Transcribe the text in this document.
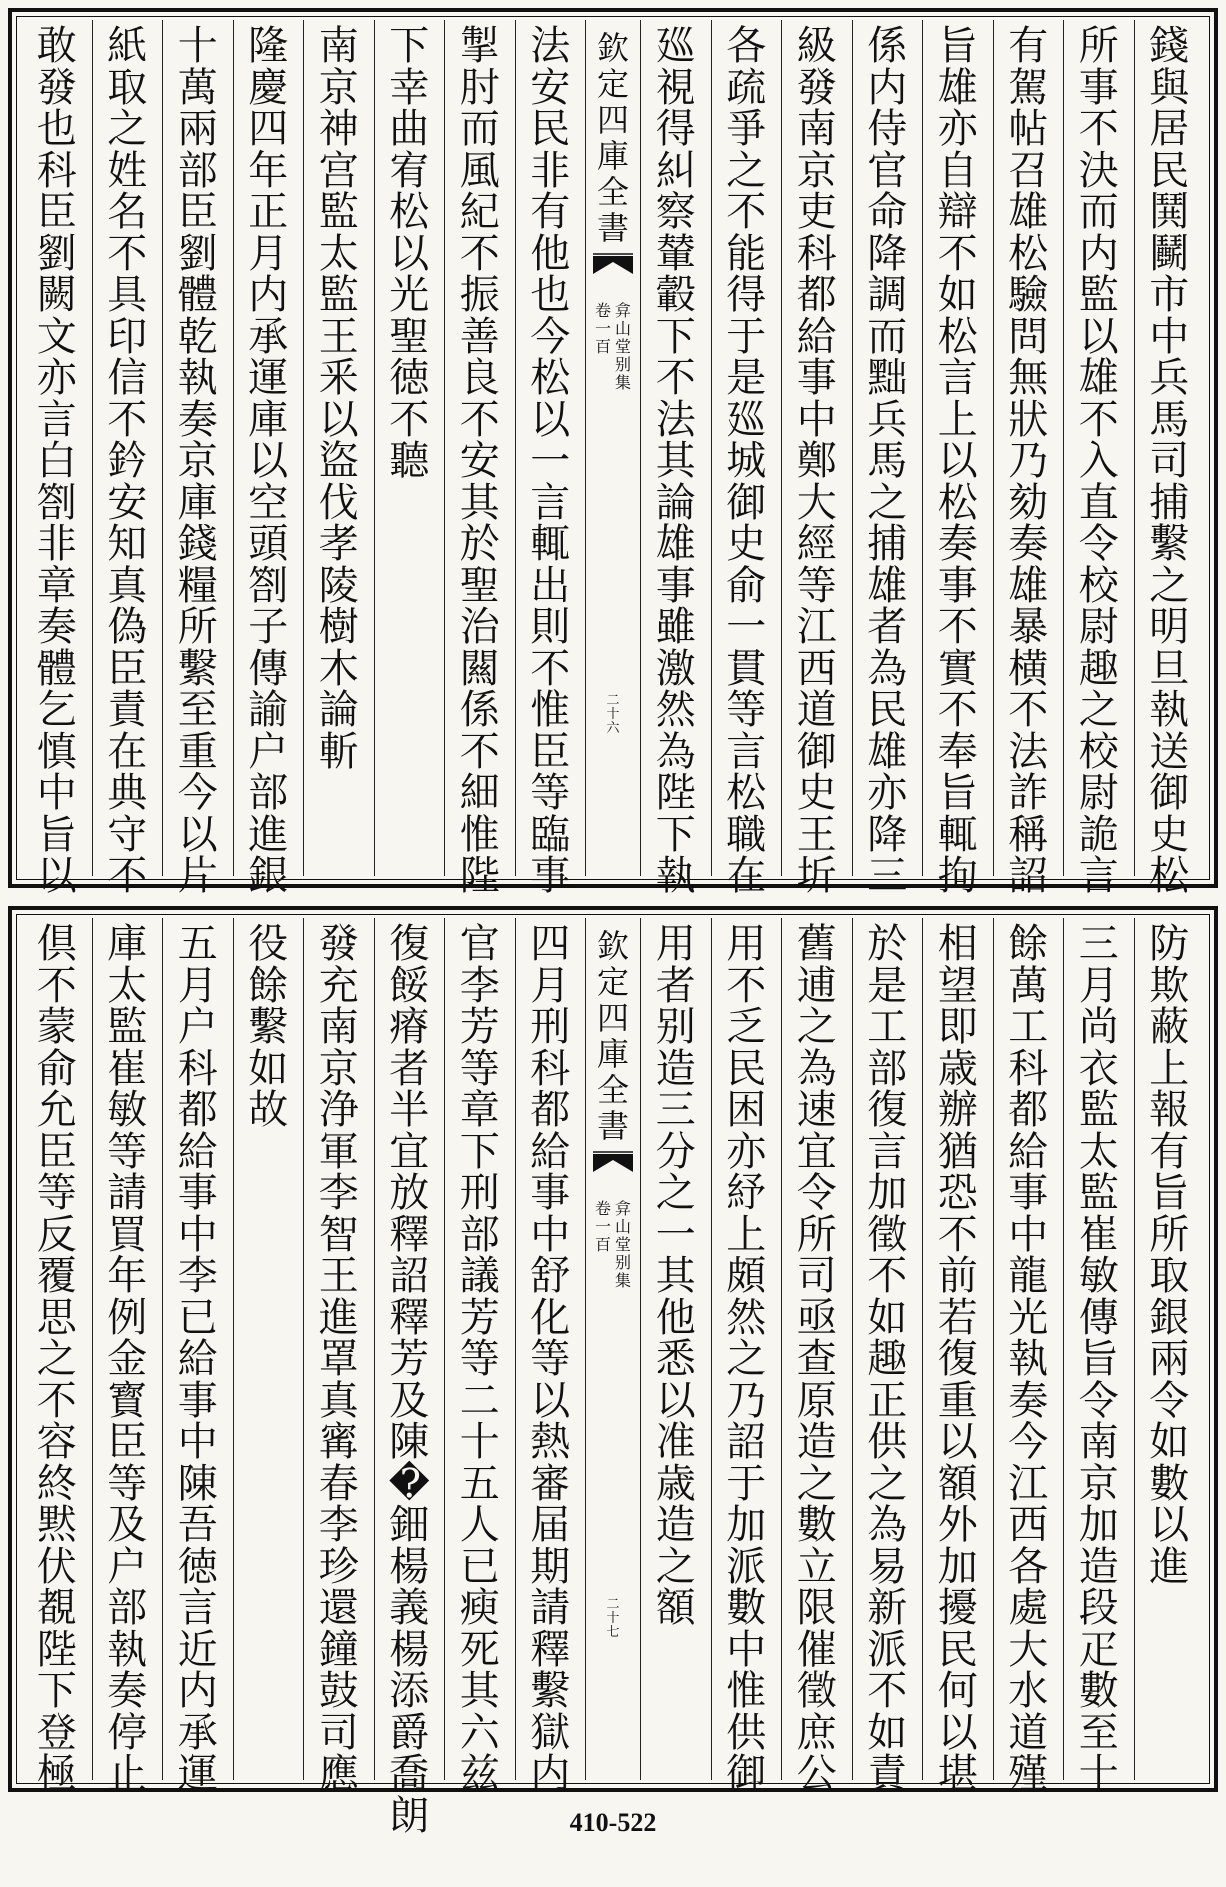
錢
與
居
民
鬨
鬭
市
中
兵
馬
司
捕
繫
之
明
旦
執
送
御
史
松
所
事
不
決
而
内
監
以
雄
不
入
直
令
校
尉
趣
之
校
尉
詭
言
有
駕
帖
召
雄
松
驗
問
無
狀
乃
劾
奏
雄
暴
横
不
法
詐
稱
詔
旨
雄
亦
自
辯
不
如
松
言
上
以
松
奏
事
不
實
不
奉
旨
輒
拘
係
内
侍
官
命
降
調
而
黜
兵
馬
之
捕
雄
者
為
民
雄
亦
降
三
級
發
南
京
吏
科
都
給
事
中
鄭
大
經
等
江
西
道
御
史
王
圻
各
疏
爭
之
不
能
得
于
是
廵
城
御
史
俞
一
貫
等
言
松
職
在
廵
視
得
糾
察
輦
轂
下
不
法
其
論
雄
事
雖
激
然
為
陛
下
執
欽
定
四
庫
全
書
弇
山
堂
别
集
卷
一
百
二
十
六
法
安
民
非
有
他
也
今
松
以
一
言
輒
出
則
不
惟
臣
等
臨
事
掣
肘
而
風
紀
不
振
善
良
不
安
其
於
聖
治
闗
係
不
細
惟
陛
下
幸
曲
宥
松
以
光
聖
徳
不
聽
南
京
神
宫
監
太
監
王
釆
以
盜
伐
孝
陵
樹
木
論
斬
隆
慶
四
年
正
月
内
承
運
庫
以
空
頭
劄
子
傳
諭
户
部
進
銀
十
萬
兩
部
臣
劉
體
乾
執
奏
京
庫
錢
糧
所
繫
至
重
今
以
片
紙
取
之
姓
名
不
具
印
信
不
鈐
安
知
真
偽
臣
責
在
典
守
不
敢
發
也
科
臣
劉
闕
文
亦
言
白
劄
非
章
奏
體
乞
慎
中
旨
以
防
欺
蔽
上
報
有
旨
所
取
銀
兩
令
如
數
以
進
三
月
尚
衣
監
太
監
崔
敏
傳
旨
令
南
京
加
造
段
疋
數
至
十
餘
萬
工
科
都
給
事
中
龍
光
執
奏
今
江
西
各
處
大
水
道
殣
相
望
即
歳
辦
猶
恐
不
前
若
復
重
以
額
外
加
擾
民
何
以
堪
於
是
工
部
復
言
加
徵
不
如
趣
正
供
之
為
易
新
派
不
如
責
舊
逋
之
為
速
宜
令
所
司
亟
查
原
造
之
數
立
限
催
徵
庶
公
用
不
乏
民
困
亦
紓
上
頗
然
之
乃
詔
于
加
派
數
中
惟
供
御
用
者
别
造
三
分
之
一
其
他
悉
以
准
歳
造
之
額
欽
定
四
庫
全
書
弇
山
堂
别
集
卷
一
百
二
十
七
四
月
刑
科
都
給
事
中
舒
化
等
以
熱
審
届
期
請
釋
繫
獄
内
官
李
芳
等
章
下
刑
部
議
芳
等
二
十
五
人
已
瘐
死
其
六
兹
復
餒
瘠
者
半
宜
放
釋
詔
釋
芳
及
陳
�
鈿
楊
義
楊
添
爵
喬
朗
發
充
南
京
浄
軍
李
智
王
進
罩
真
寗
春
李
珍
還
鐘
鼓
司
應
役
餘
繫
如
故
五
月
户
科
都
給
事
中
李
已
給
事
中
陳
吾
徳
言
近
内
承
運
庫
太
監
崔
敏
等
請
買
年
例
金
寳
臣
等
及
户
部
執
奏
停
止
倶
不
蒙
俞
允
臣
等
反
覆
思
之
不
容
終
黙
伏
覩
陛
下
登
極
410-522
